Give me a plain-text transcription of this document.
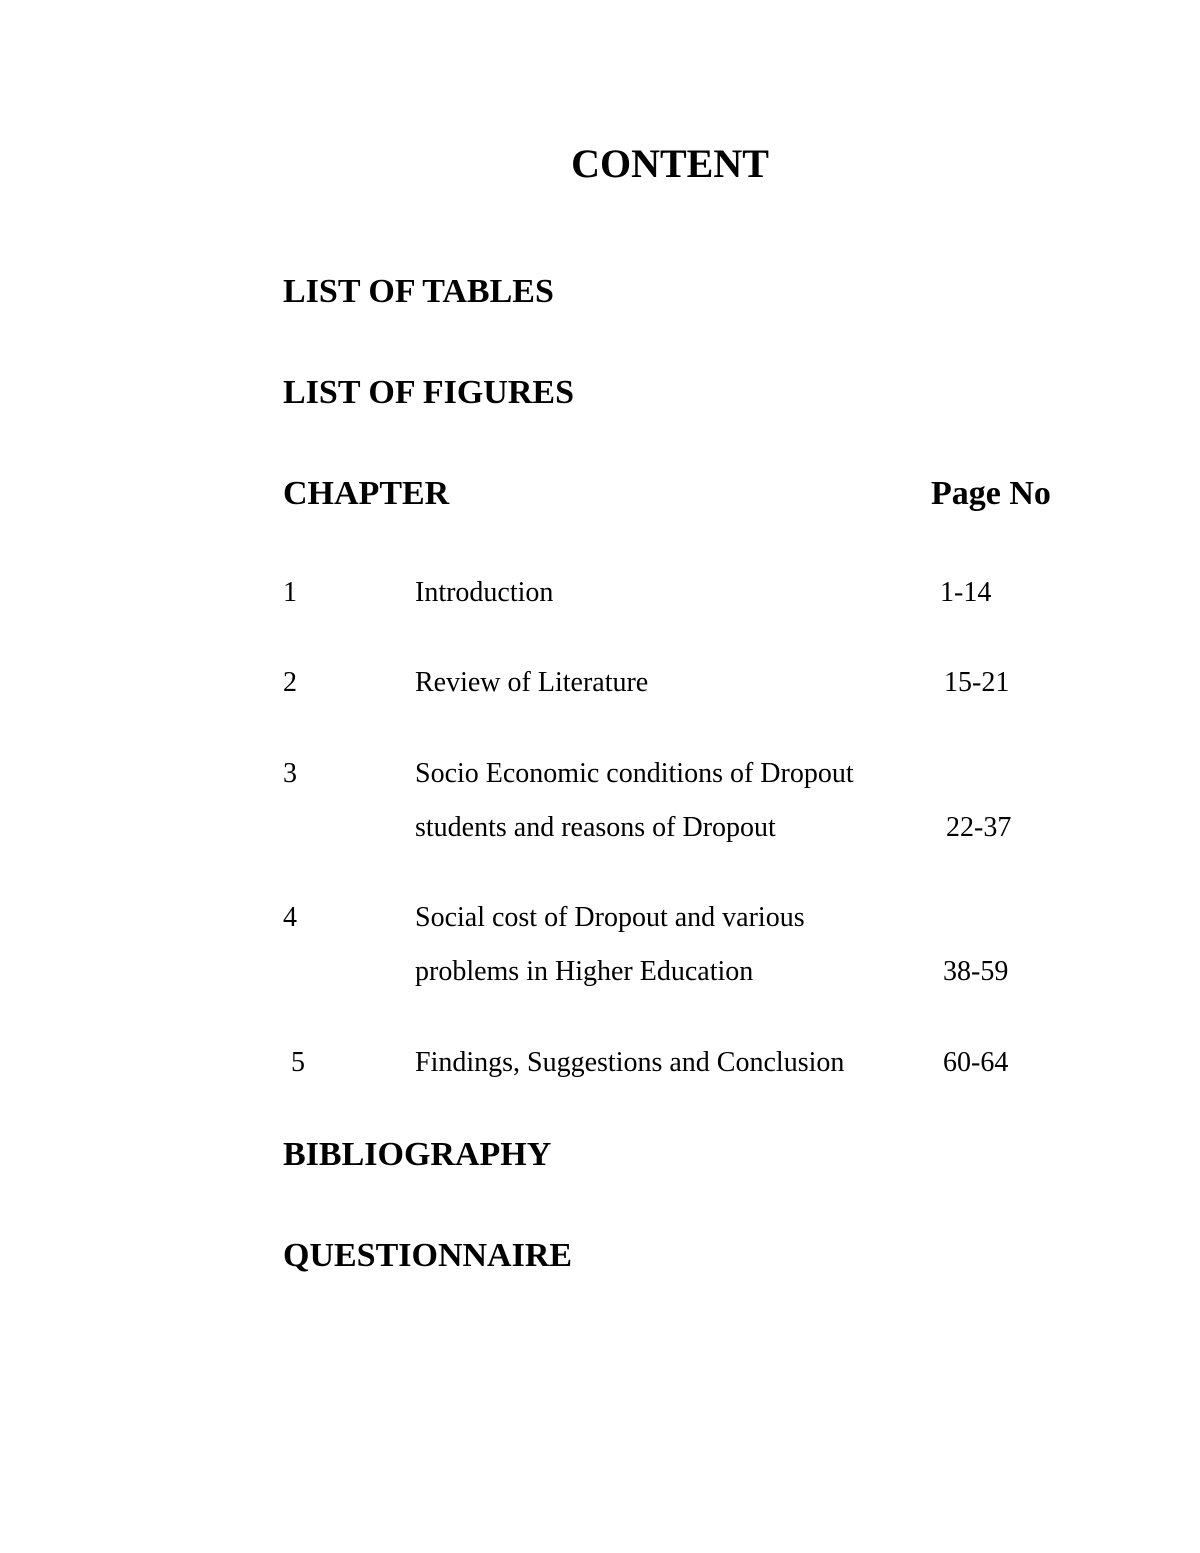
CONTENT
LIST OF TABLES
LIST OF FIGURES
CHAPTER	Page No
1	Introduction	1-14
2	Review of Literature	15-21
3	Socio Economic conditions of Dropout
students and reasons of Dropout	22-37
4	Social cost of Dropout and various
problems in Higher Education	38-59
5	Findings, Suggestions and Conclusion	60-64
BIBLIOGRAPHY
QUESTIONNAIRE
